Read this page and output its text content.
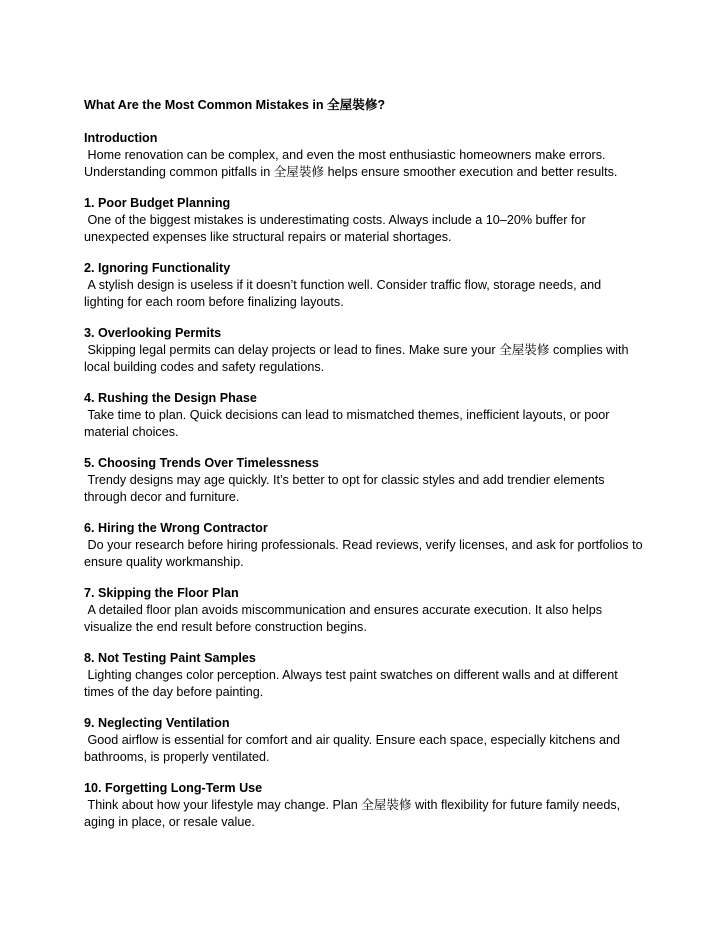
What Are the Most Common Mistakes in 全屋裝修?
Introduction
Home renovation can be complex, and even the most enthusiastic homeowners make errors. Understanding common pitfalls in 全屋裝修 helps ensure smoother execution and better results.
1. Poor Budget Planning
One of the biggest mistakes is underestimating costs. Always include a 10–20% buffer for unexpected expenses like structural repairs or material shortages.
2. Ignoring Functionality
A stylish design is useless if it doesn’t function well. Consider traffic flow, storage needs, and lighting for each room before finalizing layouts.
3. Overlooking Permits
Skipping legal permits can delay projects or lead to fines. Make sure your 全屋裝修 complies with local building codes and safety regulations.
4. Rushing the Design Phase
Take time to plan. Quick decisions can lead to mismatched themes, inefficient layouts, or poor material choices.
5. Choosing Trends Over Timelessness
Trendy designs may age quickly. It’s better to opt for classic styles and add trendier elements through decor and furniture.
6. Hiring the Wrong Contractor
Do your research before hiring professionals. Read reviews, verify licenses, and ask for portfolios to ensure quality workmanship.
7. Skipping the Floor Plan
A detailed floor plan avoids miscommunication and ensures accurate execution. It also helps visualize the end result before construction begins.
8. Not Testing Paint Samples
Lighting changes color perception. Always test paint swatches on different walls and at different times of the day before painting.
9. Neglecting Ventilation
Good airflow is essential for comfort and air quality. Ensure each space, especially kitchens and bathrooms, is properly ventilated.
10. Forgetting Long-Term Use
Think about how your lifestyle may change. Plan 全屋裝修 with flexibility for future family needs, aging in place, or resale value.
